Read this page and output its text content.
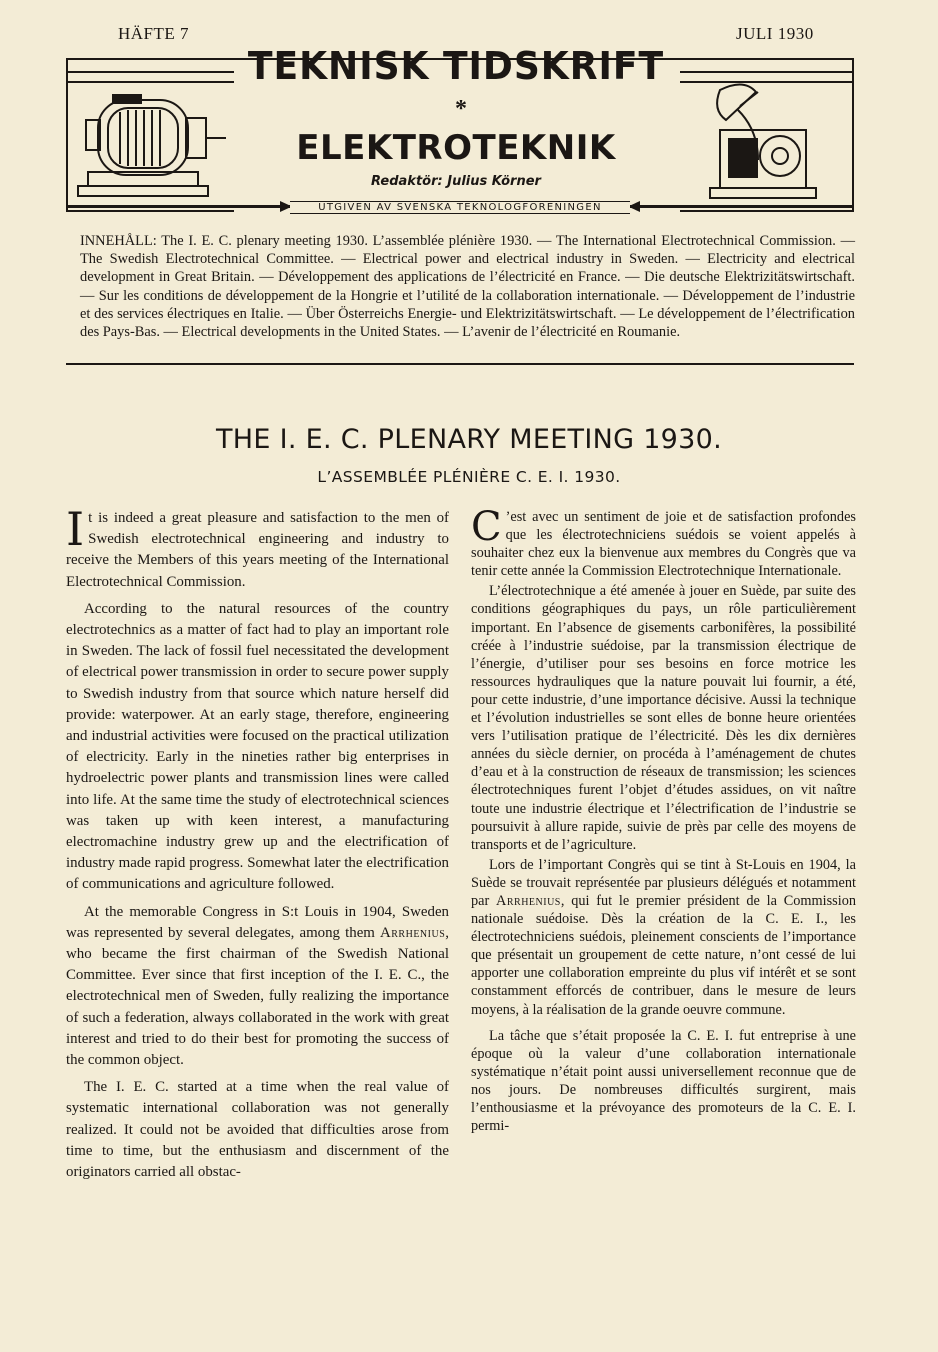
HÄFTE 7	JULI 1930
TEKNISK TIDSKRIFT
*
ELEKTROTEKNIK
Redaktör: Julius Körner
UTGIVEN AV SVENSKA TEKNOLOGFÖRENINGEN
INNEHÅLL: The I. E. C. plenary meeting 1930. L’assemblée plénière 1930. — The International Electrotechnical Commission. — The Swedish Electrotechnical Committee. — Electrical power and electrical industry in Sweden. — Electricity and electrical development in Great Britain. — Développement des applications de l’électricité en France. — Die deutsche Elektrizitätswirtschaft. — Sur les conditions de développement de la Hongrie et l’utilité de la collaboration internationale. — Développement de l’industrie et des services électriques en Italie. — Über Österreichs Energie- und Elektrizitätswirtschaft. — Le développement de l’électrification des Pays-Bas. — Electrical developments in the United States. — L’avenir de l’électricité en Roumanie.
THE I. E. C. PLENARY MEETING 1930.
L’ASSEMBLÉE PLÉNIÈRE C. E. I. 1930.

It is indeed a great pleasure and satisfaction to the men of Swedish electrotechnical engineering and industry to receive the Members of this years meeting of the International Electrotechnical Commission.

According to the natural resources of the country electrotechnics as a matter of fact had to play an important role in Sweden. The lack of fossil fuel necessitated the development of electrical power transmission in order to secure power supply to Swedish industry from that source which nature herself did provide: waterpower. At an early stage, therefore, engineering and industrial activities were focused on the practical utilization of electricity. Early in the nineties rather big enterprises in hydroelectric power plants and transmission lines were called into life. At the same time the study of electrotechnical sciences was taken up with keen interest, a manufacturing electromachine industry grew up and the electrification of industry made rapid progress. Somewhat later the electrification of communications and agriculture followed.

At the memorable Congress in S:t Louis in 1904, Sweden was represented by several delegates, among them Arrhenius, who became the first chairman of the Swedish National Committee. Ever since that first inception of the I. E. C., the electrotechnical men of Sweden, fully realizing the importance of such a federation, always collaborated in the work with great interest and tried to do their best for promoting the success of the common object.

The I. E. C. started at a time when the real value of systematic international collaboration was not generally realized. It could not be avoided that difficulties arose from time to time, but the enthusiasm and discernment of the originators carried all obstac-

C ’est avec un sentiment de joie et de satisfaction profondes que les électrotechniciens suédois se voient appelés à souhaiter chez eux la bienvenue aux membres du Congrès que va tenir cette année la Commission Electrotechnique Internationale.

L’électrotechnique a été amenée à jouer en Suède, par suite des conditions géographiques du pays, un rôle particulièrement important. En l’absence de gisements carbonifères, la possibilité créée à l’industrie suédoise, par la transmission électrique de l’énergie, d’utiliser pour ses besoins en force motrice les ressources hydrauliques que la nature pouvait lui fournir, a été, pour cette industrie, d’une importance décisive. Aussi la technique et l’évolution industrielles se sont elles de bonne heure orientées vers l’utilisation pratique de l’électricité. Dès les dix dernières années du siècle dernier, on procéda à l’aménagement de chutes d’eau et à la construction de réseaux de transmission; les sciences électrotechniques furent l’objet d’études assidues, on vit naître toute une industrie électrique et l’électrification de l’industrie se poursuivit à allure rapide, suivie de près par celle des moyens de transports et de l’agriculture.

Lors de l’important Congrès qui se tint à St-Louis en 1904, la Suède se trouvait représentée par plusieurs délégués et notamment par Arrhenius, qui fut le premier président de la Commission nationale suédoise. Dès la création de la C. E. I., les électrotechniciens suédois, pleinement conscients de l’importance que présentait un groupement de cette nature, n’ont cessé de lui apporter une collaboration empreinte du plus vif intérêt et se sont constamment efforcés de contribuer, dans le mesure de leurs moyens, à la réalisation de la grande oeuvre commune.

La tâche que s’était proposée la C. E. I. fut entreprise à une époque où la valeur d’une collaboration internationale systématique n’était point aussi universellement reconnue que de nos jours. De nombreuses difficultés surgirent, mais l’enthousiasme et la prévoyance des promoteurs de la C. E. I. permi-
